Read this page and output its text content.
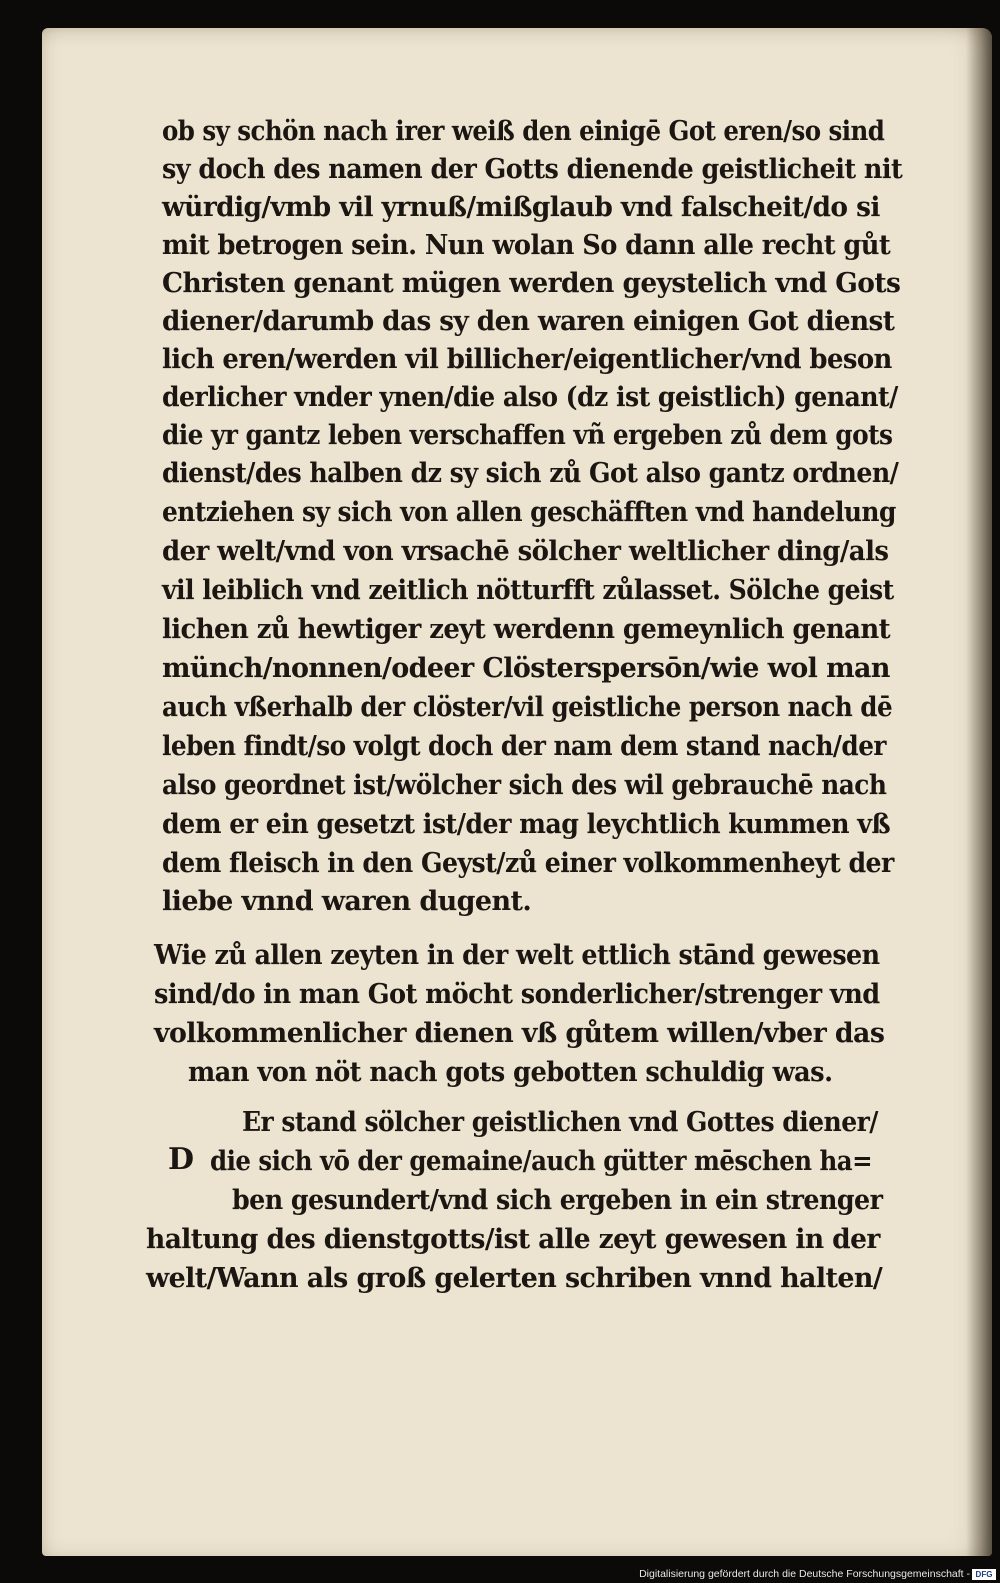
ob sy schön nach irer weiß den einigē Got eren/so sind
sy doch des namen der Gotts dienende geistlicheit nit
würdig/vmb vil yrnuß/mißglaub vnd falscheit/do si
mit betrogen sein. Nun wolan So dann alle recht gůt
Christen genant mügen werden geystelich vnd Gots
diener/darumb das sy den waren einigen Got dienst
lich eren/werden vil billicher/eigentlicher/vnd beson
derlicher vnder ynen/die also (dz ist geistlich) genant/
die yr gantz leben verschaffen vñ ergeben zů dem gots
dienst/des halben dz sy sich zů Got also gantz ordnen/
entziehen sy sich von allen geschäfften vnd handelung
der welt/vnd von vrsachē sölcher weltlicher ding/als
vil leiblich vnd zeitlich nötturfft zůlasset. Sölche geist
lichen zů hewtiger zeyt werdenn gemeynlich genant
münch/nonnen/odeer Clösterspersōn/wie wol man
auch vßerhalb der clöster/vil geistliche person nach dē
leben findt/so volgt doch der nam dem stand nach/der
also geordnet ist/wölcher sich des wil gebrauchē nach
dem er ein gesetzt ist/der mag leychtlich kummen vß
dem fleisch in den Geyst/zů einer volkommenheyt der
liebe vnnd waren dugent.
Wie zů allen zeyten in der welt ettlich stānd gewesen
sind/do in man Got möcht sonderlicher/strenger vnd
volkommenlicher dienen vß gůtem willen/vber das
man von nöt nach gots gebotten schuldig was.
D
Er stand sölcher geistlichen vnd Gottes diener/
die sich vō der gemaine/auch gütter mēschen ha=
ben gesundert/vnd sich ergeben in ein strenger
haltung des dienstgotts/ist alle zeyt gewesen in der
welt/Wann als groß gelerten schriben vnnd halten/
Digitalisierung gefördert durch die Deutsche Forschungsgemeinschaft - DFG
